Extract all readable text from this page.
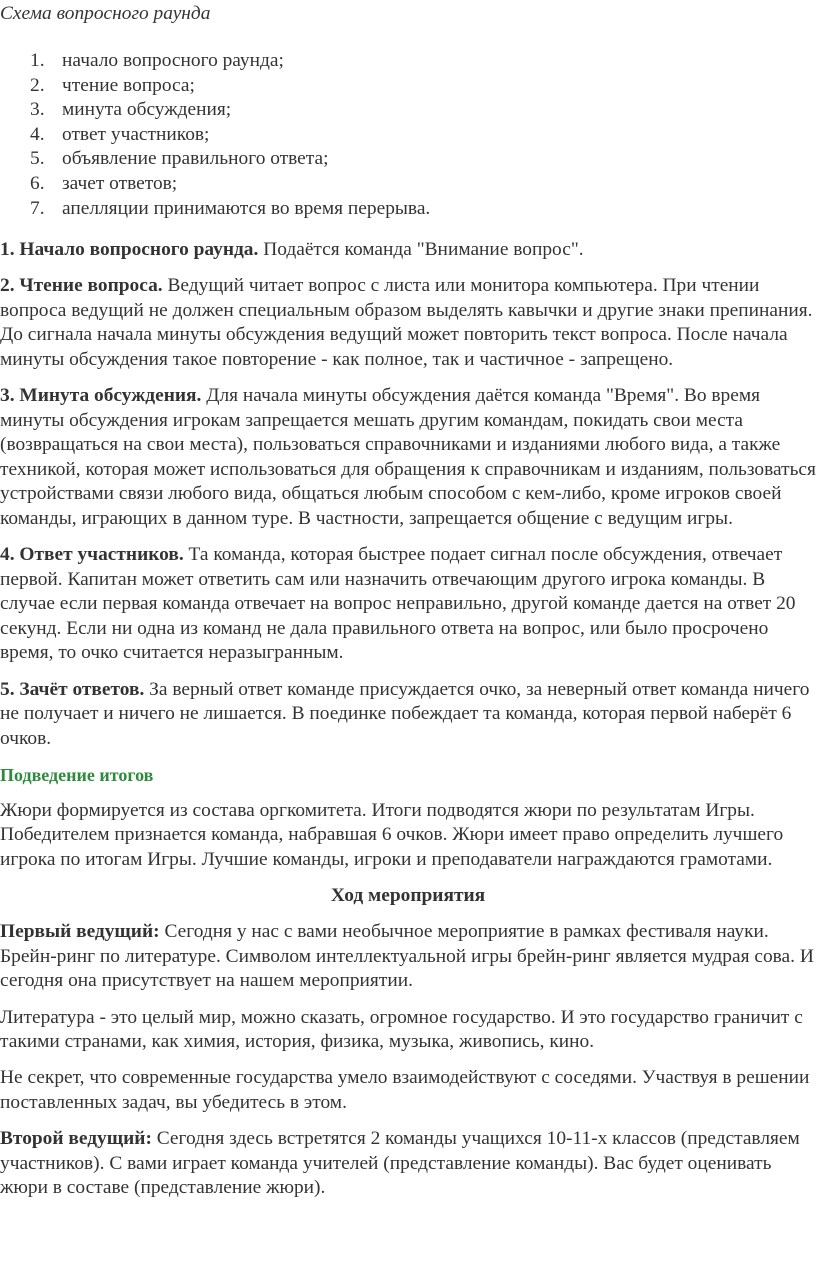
Схема вопросного раунда

начало вопросного раунда;
чтение вопроса;
минута обсуждения;
ответ участников;
объявление правильного ответа;
зачет ответов;
апелляции принимаются во время перерыва.

1. Начало вопросного раунда. Подаётся команда "Внимание вопрос".

2. Чтение вопроса. Ведущий читает вопрос с листа или монитора компьютера. При чтении вопроса ведущий не должен специальным образом выделять кавычки и другие знаки препинания. До сигнала начала минуты обсуждения ведущий может повторить текст вопроса. После начала минуты обсуждения такое повторение - как полное, так и частичное - запрещено.

3. Минута обсуждения. Для начала минуты обсуждения даётся команда "Время". Во время минуты обсуждения игрокам запрещается мешать другим командам, покидать свои места (возвращаться на свои места), пользоваться справочниками и изданиями любого вида, а также техникой, которая может использоваться для обращения к справочникам и изданиям, пользоваться устройствами связи любого вида, общаться любым способом с кем-либо, кроме игроков своей команды, играющих в данном туре. В частности, запрещается общение с ведущим игры.

4. Ответ участников. Та команда, которая быстрее подает сигнал после обсуждения, отвечает первой. Капитан может ответить сам или назначить отвечающим другого игрока команды. В случае если первая команда отвечает на вопрос неправильно, другой команде дается на ответ 20 секунд. Если ни одна из команд не дала правильного ответа на вопрос, или было просрочено время, то очко считается неразыгранным.

5. Зачёт ответов. За верный ответ команде присуждается очко, за неверный ответ команда ничего не получает и ничего не лишается. В поединке побеждает та команда, которая первой наберёт 6 очков.

Подведение итогов

Жюри формируется из состава оргкомитета. Итоги подводятся жюри по результатам Игры. Победителем признается команда, набравшая 6 очков. Жюри имеет право определить лучшего игрока по итогам Игры. Лучшие команды, игроки и преподаватели награждаются грамотами.

Ход мероприятия

Первый ведущий: Сегодня у нас с вами необычное мероприятие в рамках фестиваля науки. Брейн-ринг по литературе. Символом интеллектуальной игры брейн-ринг является мудрая сова. И сегодня она присутствует на нашем мероприятии.

Литература - это целый мир, можно сказать, огромное государство. И это государство граничит с такими странами, как химия, история, физика, музыка, живопись, кино.

Не секрет, что современные государства умело взаимодействуют с соседями. Участвуя в решении поставленных задач, вы убедитесь в этом.

Второй ведущий: Сегодня здесь встретятся 2 команды учащихся 10-11-х классов (представляем участников). С вами играет команда учителей (представление команды). Вас будет оценивать жюри в составе (представление жюри).
